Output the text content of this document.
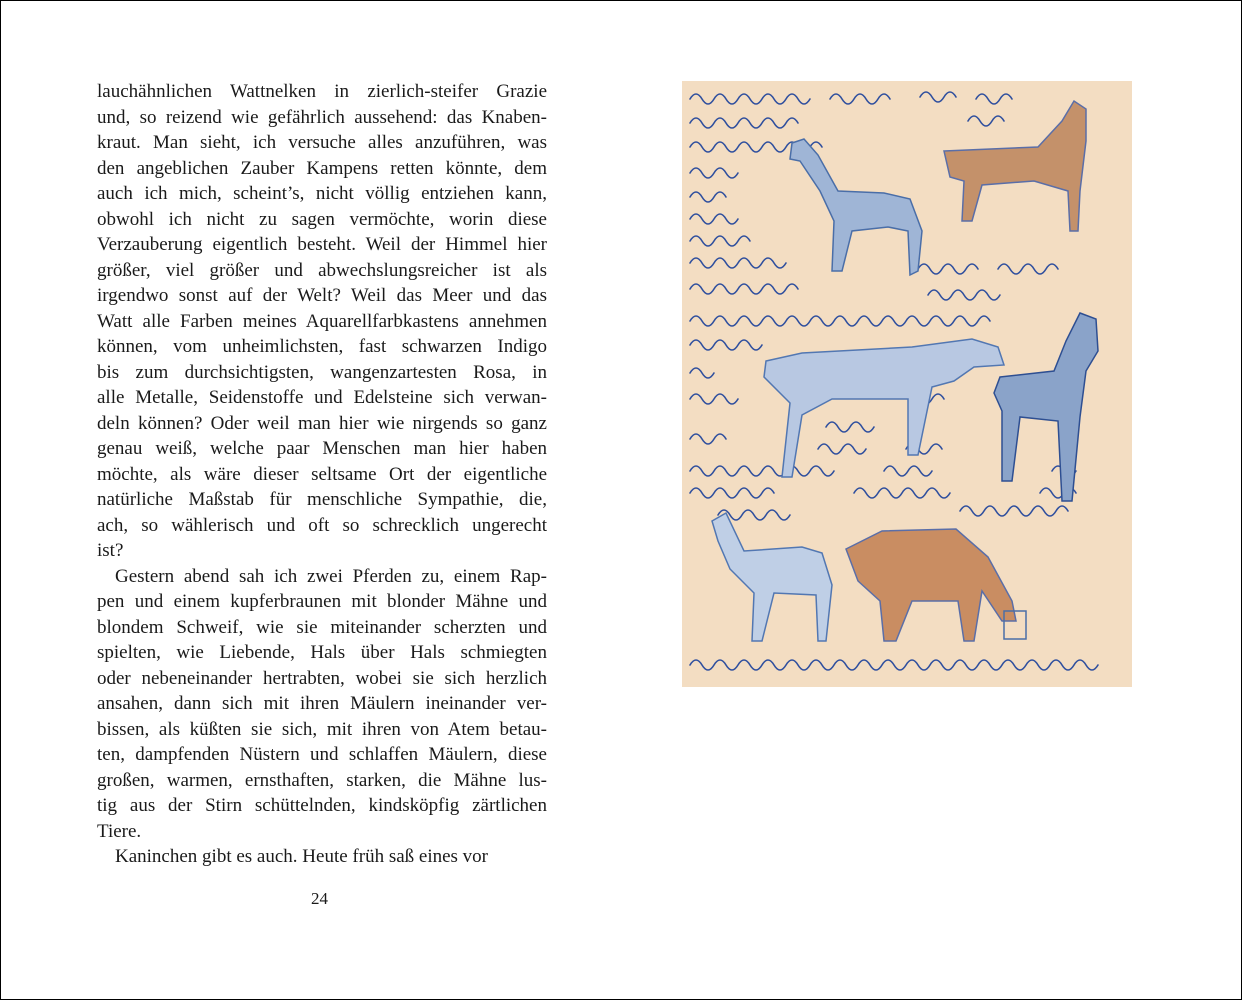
lauchähnlichen Wattnelken in zierlich-steifer Grazie
und, so reizend wie gefährlich aussehend: das Knaben-
kraut. Man sieht, ich versuche alles anzuführen, was
den angeblichen Zauber Kampens retten könnte, dem
auch ich mich, scheint’s, nicht völlig entziehen kann,
obwohl ich nicht zu sagen vermöchte, worin diese
Verzauberung eigentlich besteht. Weil der Himmel hier
größer, viel größer und abwechslungsreicher ist als
irgendwo sonst auf der Welt? Weil das Meer und das
Watt alle Farben meines Aquarellfarbkastens annehmen
können, vom unheimlichsten, fast schwarzen Indigo
bis zum durchsichtigsten, wangenzartesten Rosa, in
alle Metalle, Seidenstoffe und Edelsteine sich verwan-
deln können? Oder weil man hier wie nirgends so ganz
genau weiß, welche paar Menschen man hier haben
möchte, als wäre dieser seltsame Ort der eigentliche
natürliche Maßstab für menschliche Sympathie, die,
ach, so wählerisch und oft so schrecklich ungerecht
ist?
Gestern abend sah ich zwei Pferden zu, einem Rap-
pen und einem kupferbraunen mit blonder Mähne und
blondem Schweif, wie sie miteinander scherzten und
spielten, wie Liebende, Hals über Hals schmiegten
oder nebeneinander hertrabten, wobei sie sich herzlich
ansahen, dann sich mit ihren Mäulern ineinander ver-
bissen, als küßten sie sich, mit ihren von Atem betau-
ten, dampfenden Nüstern und schlaffen Mäulern, diese
großen, warmen, ernsthaften, starken, die Mähne lus-
tig aus der Stirn schüttelnden, kindsköpfig zärtlichen
Tiere.
Kaninchen gibt es auch. Heute früh saß eines vor
24
